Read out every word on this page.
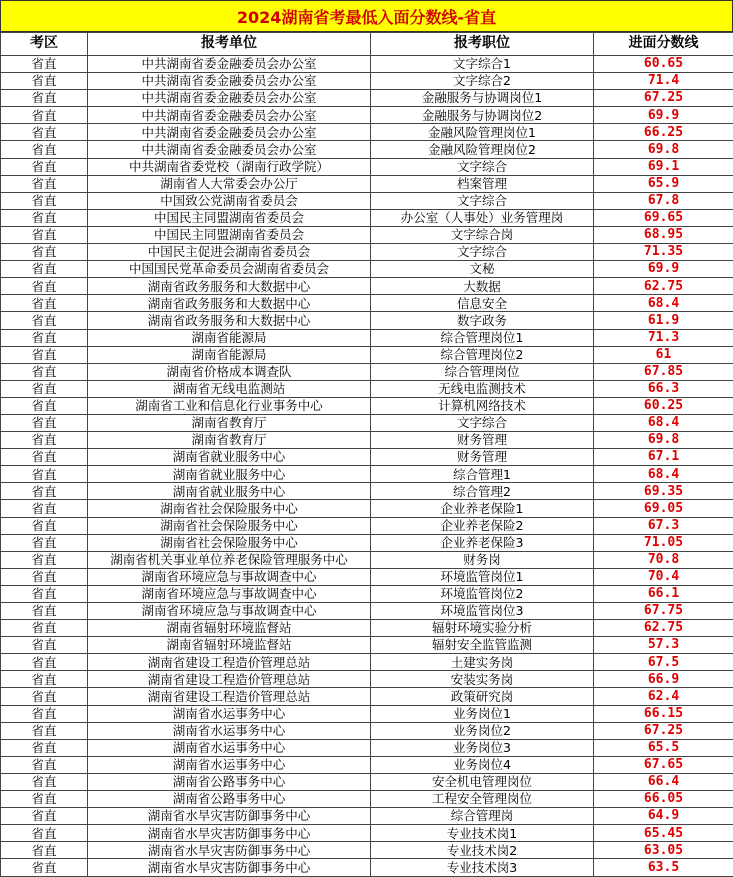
2024湖南省考最低入面分数线-省直
考区	报考单位	报考职位	进面分数线
省直	中共湖南省委金融委员会办公室	文字综合1	60.65
省直	中共湖南省委金融委员会办公室	文字综合2	71.4
省直	中共湖南省委金融委员会办公室	金融服务与协调岗位1	67.25
省直	中共湖南省委金融委员会办公室	金融服务与协调岗位2	69.9
省直	中共湖南省委金融委员会办公室	金融风险管理岗位1	66.25
省直	中共湖南省委金融委员会办公室	金融风险管理岗位2	69.8
省直	中共湖南省委党校（湖南行政学院）	文字综合	69.1
省直	湖南省人大常委会办公厅	档案管理	65.9
省直	中国致公党湖南省委员会	文字综合	67.8
省直	中国民主同盟湖南省委员会	办公室（人事处）业务管理岗	69.65
省直	中国民主同盟湖南省委员会	文字综合岗	68.95
省直	中国民主促进会湖南省委员会	文字综合	71.35
省直	中国国民党革命委员会湖南省委员会	文秘	69.9
省直	湖南省政务服务和大数据中心	大数据	62.75
省直	湖南省政务服务和大数据中心	信息安全	68.4
省直	湖南省政务服务和大数据中心	数字政务	61.9
省直	湖南省能源局	综合管理岗位1	71.3
省直	湖南省能源局	综合管理岗位2	61
省直	湖南省价格成本调查队	综合管理岗位	67.85
省直	湖南省无线电监测站	无线电监测技术	66.3
省直	湖南省工业和信息化行业事务中心	计算机网络技术	60.25
省直	湖南省教育厅	文字综合	68.4
省直	湖南省教育厅	财务管理	69.8
省直	湖南省就业服务中心	财务管理	67.1
省直	湖南省就业服务中心	综合管理1	68.4
省直	湖南省就业服务中心	综合管理2	69.35
省直	湖南省社会保险服务中心	企业养老保险1	69.05
省直	湖南省社会保险服务中心	企业养老保险2	67.3
省直	湖南省社会保险服务中心	企业养老保险3	71.05
省直	湖南省机关事业单位养老保险管理服务中心	财务岗	70.8
省直	湖南省环境应急与事故调查中心	环境监管岗位1	70.4
省直	湖南省环境应急与事故调查中心	环境监管岗位2	66.1
省直	湖南省环境应急与事故调查中心	环境监管岗位3	67.75
省直	湖南省辐射环境监督站	辐射环境实验分析	62.75
省直	湖南省辐射环境监督站	辐射安全监管监测	57.3
省直	湖南省建设工程造价管理总站	土建实务岗	67.5
省直	湖南省建设工程造价管理总站	安装实务岗	66.9
省直	湖南省建设工程造价管理总站	政策研究岗	62.4
省直	湖南省水运事务中心	业务岗位1	66.15
省直	湖南省水运事务中心	业务岗位2	67.25
省直	湖南省水运事务中心	业务岗位3	65.5
省直	湖南省水运事务中心	业务岗位4	67.65
省直	湖南省公路事务中心	安全机电管理岗位	66.4
省直	湖南省公路事务中心	工程安全管理岗位	66.05
省直	湖南省水旱灾害防御事务中心	综合管理岗	64.9
省直	湖南省水旱灾害防御事务中心	专业技术岗1	65.45
省直	湖南省水旱灾害防御事务中心	专业技术岗2	63.05
省直	湖南省水旱灾害防御事务中心	专业技术岗3	63.5
